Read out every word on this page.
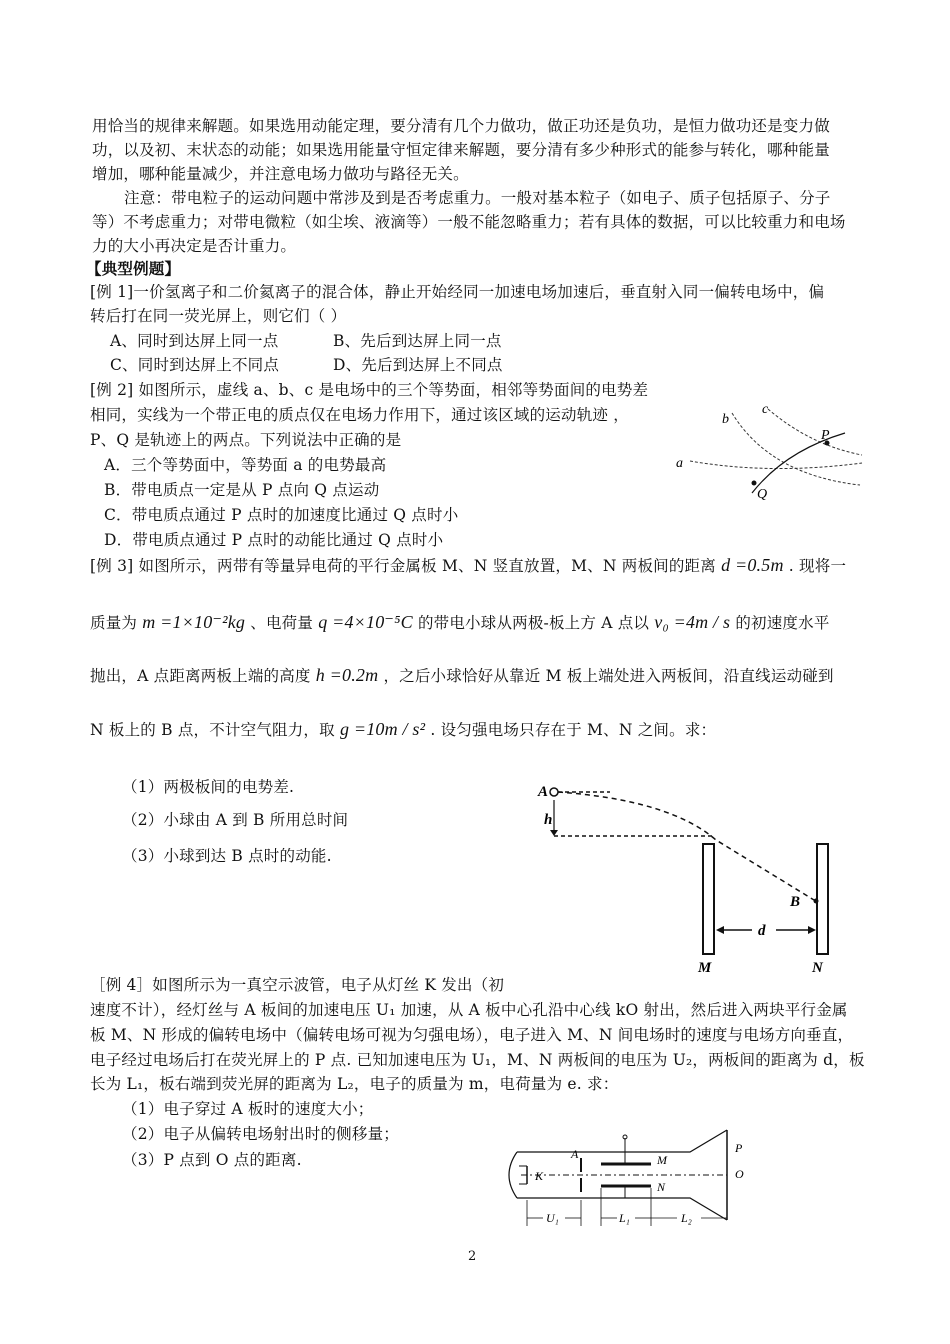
用恰当的规律来解题。如果选用动能定理，要分清有几个力做功，做正功还是负功，是恒力做功还是变力做
功，以及初、末状态的动能；如果选用能量守恒定律来解题，要分清有多少种形式的能参与转化，哪种能量
增加，哪种能量减少，并注意电场力做功与路径无关。
注意：带电粒子的运动问题中常涉及到是否考虑重力。一般对基本粒子（如电子、质子包括原子、分子
等）不考虑重力；对带电微粒（如尘埃、液滴等）一般不能忽略重力；若有具体的数据，可以比较重力和电场
力的大小再决定是否计重力。
【典型例题】
[例 1]一价氢离子和二价氦离子的混合体，静止开始经同一加速电场加速后，垂直射入同一偏转电场中，偏
转后打在同一荧光屏上，则它们（ ）
A、同时到达屏上同一点	B、先后到达屏上同一点
C、同时到达屏上不同点	D、先后到达屏上不同点
[例 2] 如图所示，虚线 a、b、c 是电场中的三个等势面，相邻等势面间的电势差
相同，实线为一个带正电的质点仅在电场力作用下，通过该区域的运动轨迹 ，
P、Q 是轨迹上的两点。下列说法中正确的是
A．三个等势面中，等势面 a 的电势最高
B．带电质点一定是从 P 点向 Q 点运动
C．带电质点通过 P 点时的加速度比通过 Q 点时小
D．带电质点通过 P 点时的动能比通过 Q 点时小
b
c
a
P
Q
[例 3] 如图所示，两带有等量异电荷的平行金属板 M、N 竖直放置，M、N 两板间的距离 d =0.5m . 现将一
质量为 m =1×10⁻²kg 、电荷量 q =4×10⁻⁵C 的带电小球从两极-板上方 A 点以 v₀ =4m / s 的初速度水平
抛出，A 点距离两板上端的高度 h =0.2m ，之后小球恰好从靠近 M 板上端处进入两板间，沿直线运动碰到
N 板上的 B 点，不计空气阻力，取 g =10m / s² . 设匀强电场只存在于 M、N 之间。求：
（1）两极板间的电势差.
（2）小球由 A 到 B 所用总时间
（3）小球到达 B 点时的动能.
A
h
B
d
M	N
［例 4］如图所示为一真空示波管，电子从灯丝 K 发出（初
速度不计），经灯丝与 A 板间的加速电压 U₁ 加速，从 A 板中心孔沿中心线 kO 射出，然后进入两块平行金属
板 M、N 形成的偏转电场中（偏转电场可视为匀强电场），电子进入 M、N 间电场时的速度与电场方向垂直，
电子经过电场后打在荧光屏上的 P 点. 已知加速电压为 U₁，M、N 两板间的电压为 U₂，两板间的距离为 d，板
长为 L₁，板右端到荧光屏的距离为 L₂，电子的质量为 m，电荷量为 e. 求：
（1）电子穿过 A 板时的速度大小；
（2）电子从偏转电场射出时的侧移量；
（3）P 点到 O 点的距离.
K
A	M
N
P
O
U₁	L₁	L₂
2
